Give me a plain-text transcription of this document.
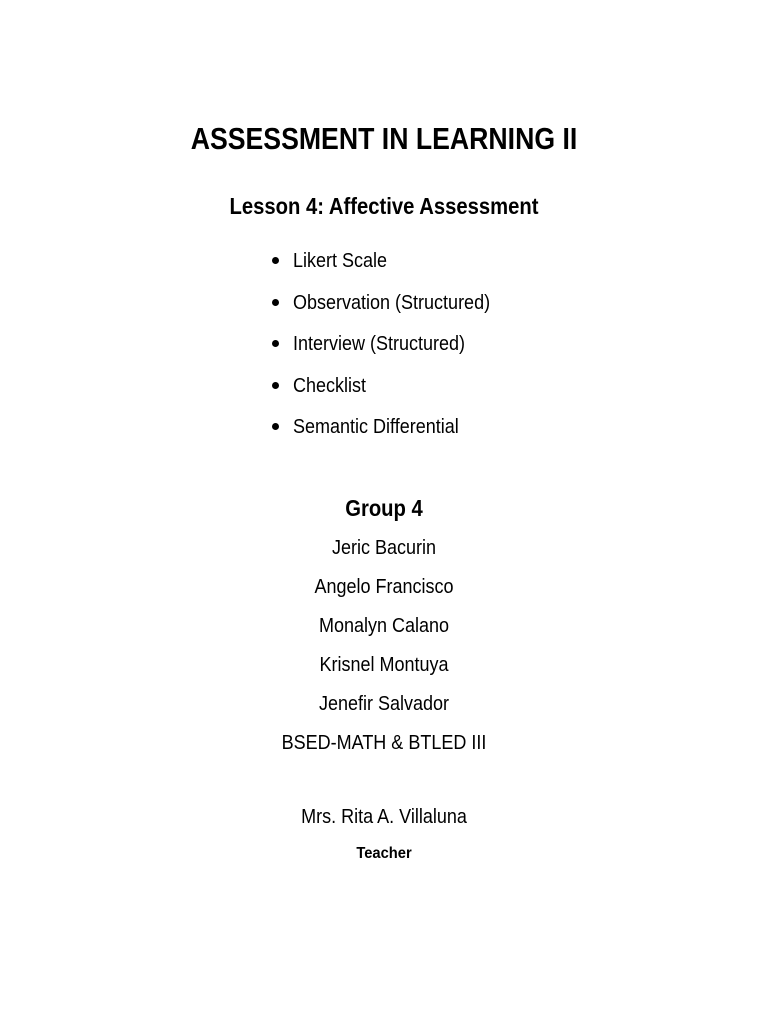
ASSESSMENT IN LEARNING II
Lesson 4: Affective Assessment
Likert Scale
Observation (Structured)
Interview (Structured)
Checklist
Semantic Differential
Group 4
Jeric Bacurin
Angelo Francisco
Monalyn Calano
Krisnel Montuya
Jenefir Salvador
BSED-MATH & BTLED III
Mrs. Rita A. Villaluna
Teacher
